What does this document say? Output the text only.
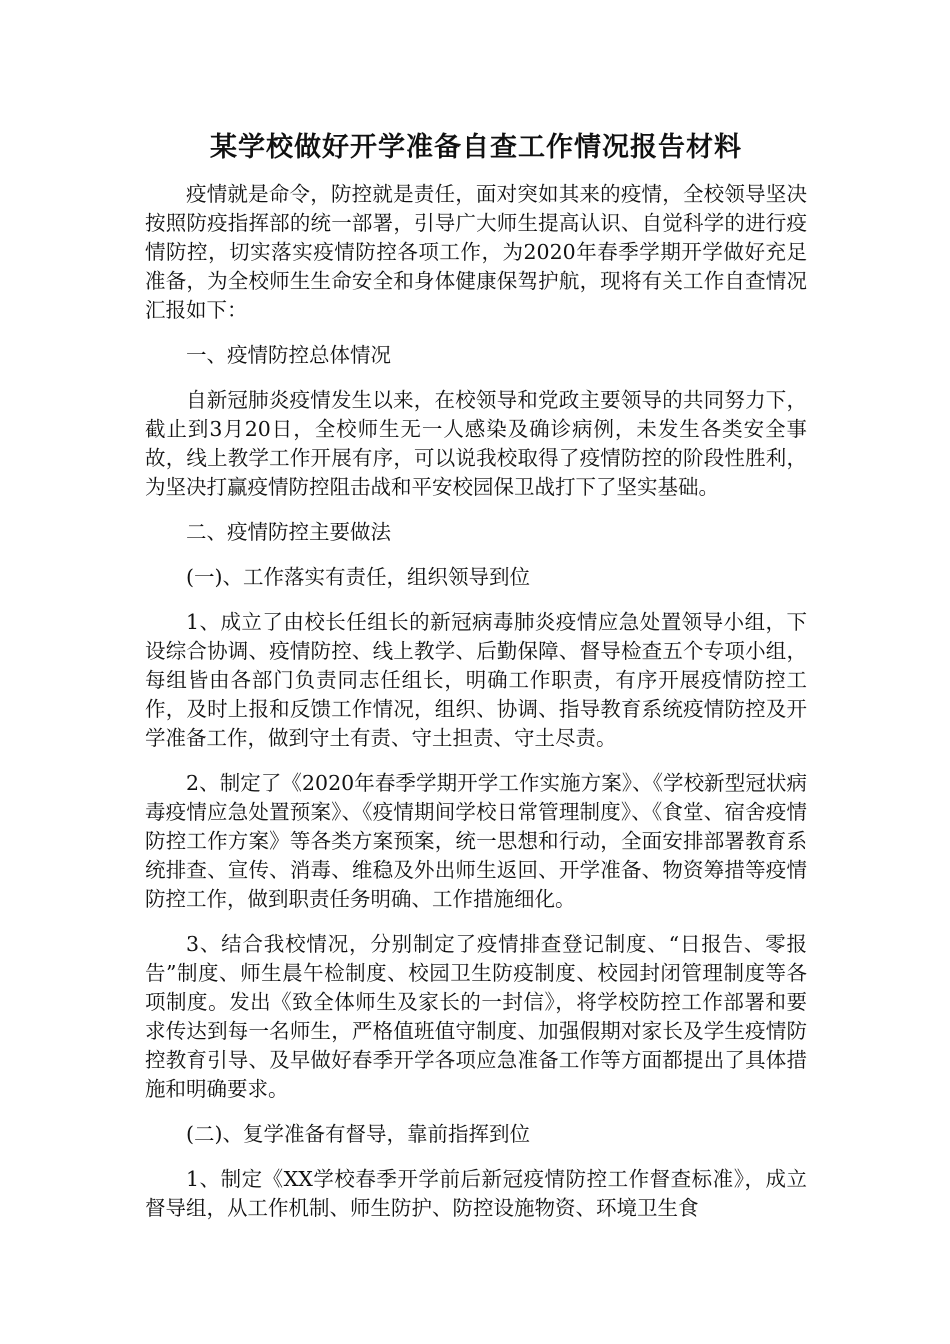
某学校做好开学准备自查工作情况报告材料

疫情就是命令，防控就是责任，面对突如其来的疫情，全校领导坚决按照防疫指挥部的统一部署，引导广大师生提高认识、自觉科学的进行疫情防控，切实落实疫情防控各项工作，为2020年春季学期开学做好充足准备，为全校师生生命安全和身体健康保驾护航，现将有关工作自查情况汇报如下：

一、疫情防控总体情况

自新冠肺炎疫情发生以来，在校领导和党政主要领导的共同努力下，截止到3月20日，全校师生无一人感染及确诊病例，未发生各类安全事故，线上教学工作开展有序，可以说我校取得了疫情防控的阶段性胜利，为坚决打赢疫情防控阻击战和平安校园保卫战打下了坚实基础。

二、疫情防控主要做法

(一)、工作落实有责任，组织领导到位

1、成立了由校长任组长的新冠病毒肺炎疫情应急处置领导小组，下设综合协调、疫情防控、线上教学、后勤保障、督导检查五个专项小组，每组皆由各部门负责同志任组长，明确工作职责，有序开展疫情防控工作，及时上报和反馈工作情况，组织、协调、指导教育系统疫情防控及开学准备工作，做到守土有责、守土担责、守土尽责。

2、制定了《2020年春季学期开学工作实施方案》、《学校新型冠状病毒疫情应急处置预案》、《疫情期间学校日常管理制度》、《食堂、宿舍疫情防控工作方案》等各类方案预案，统一思想和行动，全面安排部署教育系统排查、宣传、消毒、维稳及外出师生返回、开学准备、物资筹措等疫情防控工作，做到职责任务明确、工作措施细化。

3、结合我校情况，分别制定了疫情排查登记制度、“日报告、零报告”制度、师生晨午检制度、校园卫生防疫制度、校园封闭管理制度等各项制度。发出《致全体师生及家长的一封信》，将学校防控工作部署和要求传达到每一名师生，严格值班值守制度、加强假期对家长及学生疫情防控教育引导、及早做好春季开学各项应急准备工作等方面都提出了具体措施和明确要求。

(二)、复学准备有督导，靠前指挥到位

1、制定《XX学校春季开学前后新冠疫情防控工作督查标准》，成立督导组，从工作机制、师生防护、防控设施物资、环境卫生食
